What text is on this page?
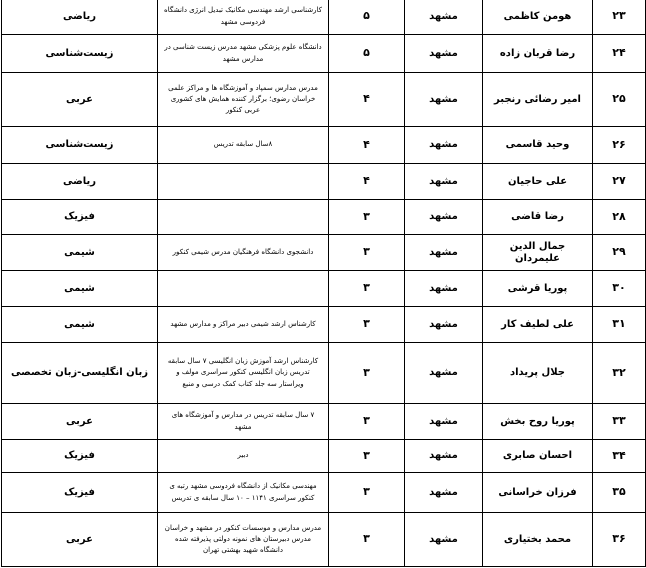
۲۳	هومن کاظمی	مشهد	۵	کارشناسی ارشد مهندسی مکانیک تبدیل انرژی دانشگاه فردوسی مشهد	ریاضی
۲۴	رضا قربان زاده	مشهد	۵	دانشگاه علوم پزشکی مشهد مدرس زیست شناسی در مدارس مشهد	زیست‌شناسی
۲۵	امیر رضائی رنجبر	مشهد	۴	مدرس مدارس سمپاد و آموزشگاه ها و مراکز علمی خراسان رضوی؛ برگزار کننده همایش های کشوری عربی کنکور	عربی
۲۶	وحید قاسمی	مشهد	۴	۸سال سابقه تدریس	زیست‌شناسی
۲۷	علی حاجیان	مشهد	۴		ریاضی
۲۸	رضا قاضی	مشهد	۳		فیزیک
۲۹	جمال الدین علیمردان	مشهد	۳	دانشجوی دانشگاه فرهنگیان مدرس شیمی کنکور	شیمی
۳۰	پوریا قرشی	مشهد	۳		شیمی
۳۱	علی لطیف کار	مشهد	۳	کارشناس ارشد شیمی دبیر مراکز و مدارس مشهد	شیمی
۳۲	جلال پریداد	مشهد	۳	کارشناس ارشد آموزش زبان انگلیسی ۷ سال سابقه تدریس زبان انگلیسی کنکور سراسری مولف و ویراستار سه جلد کتاب کمک درسی و منبع	زبان انگلیسی-زبان تخصصی
۳۳	پوریا روح بخش	مشهد	۳	۷ سال سابقه تدریس در مدارس و آموزشگاه های مشهد	عربی
۳۴	احسان صابری	مشهد	۳	دبیر	فیزیک
۳۵	فرزان خراسانی	مشهد	۳	مهندسی مکانیک از دانشگاه فردوسی مشهد رتبه ی کنکور سراسری ۱۱۴۱ – ۱۰ سال سابقه ی تدریس	فیزیک
۳۶	محمد بختیاری	مشهد	۳	مدرس مدارس و موسسات کنکور در مشهد و خراسان مدرس دبیرستان های نمونه دولتی پذیرفته شده دانشگاه شهید بهشتی تهران	عربی
